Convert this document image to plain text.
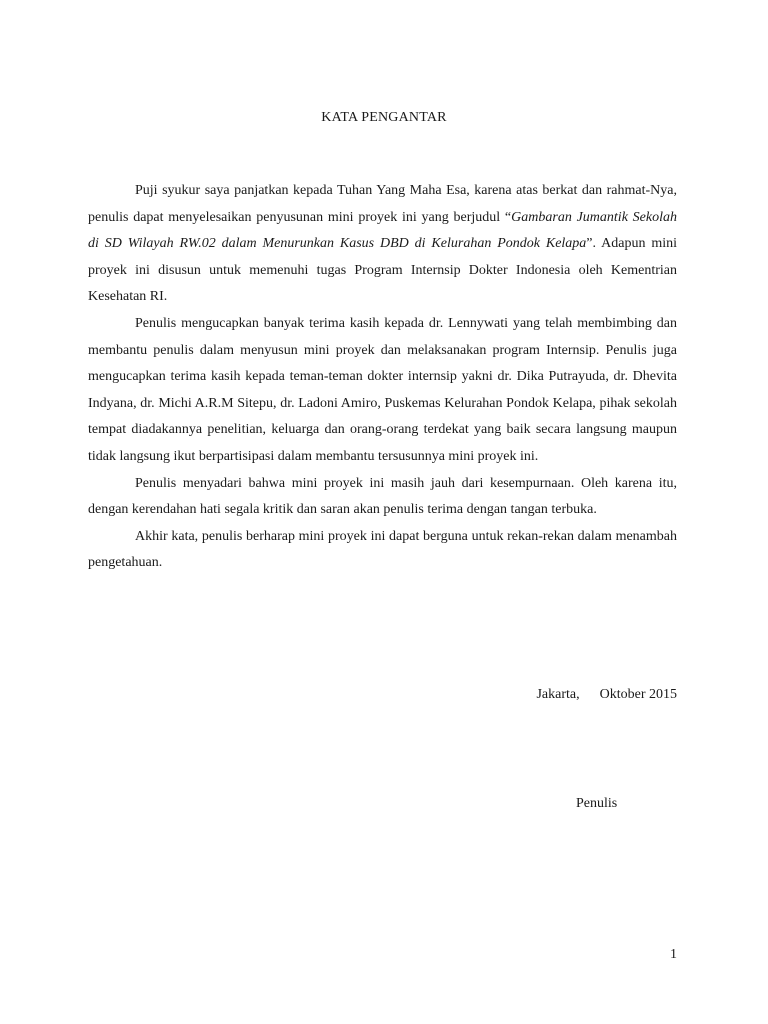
KATA PENGANTAR

Puji syukur saya panjatkan kepada Tuhan Yang Maha Esa, karena atas berkat dan rahmat-Nya, penulis dapat menyelesaikan penyusunan mini proyek ini yang berjudul “Gambaran Jumantik Sekolah di SD Wilayah RW.02 dalam Menurunkan Kasus DBD di Kelurahan Pondok Kelapa”. Adapun mini proyek ini disusun untuk memenuhi tugas Program Internsip Dokter Indonesia oleh Kementrian Kesehatan RI.

Penulis mengucapkan banyak terima kasih kepada dr. Lennywati yang telah membimbing dan membantu penulis dalam menyusun mini proyek dan melaksanakan program Internsip. Penulis juga mengucapkan terima kasih kepada teman-teman dokter internsip yakni dr. Dika Putrayuda, dr. Dhevita Indyana, dr. Michi A.R.M Sitepu, dr. Ladoni Amiro, Puskemas Kelurahan Pondok Kelapa, pihak sekolah tempat diadakannya penelitian, keluarga dan orang-orang terdekat yang baik secara langsung maupun tidak langsung ikut berpartisipasi dalam membantu tersusunnya mini proyek ini.

Penulis menyadari bahwa mini proyek ini masih jauh dari kesempurnaan. Oleh karena itu, dengan kerendahan hati segala kritik dan saran akan penulis terima dengan tangan terbuka.

Akhir kata, penulis berharap mini proyek ini dapat berguna untuk rekan-rekan dalam menambah pengetahuan.

Jakarta, Oktober 2015
Penulis
1
